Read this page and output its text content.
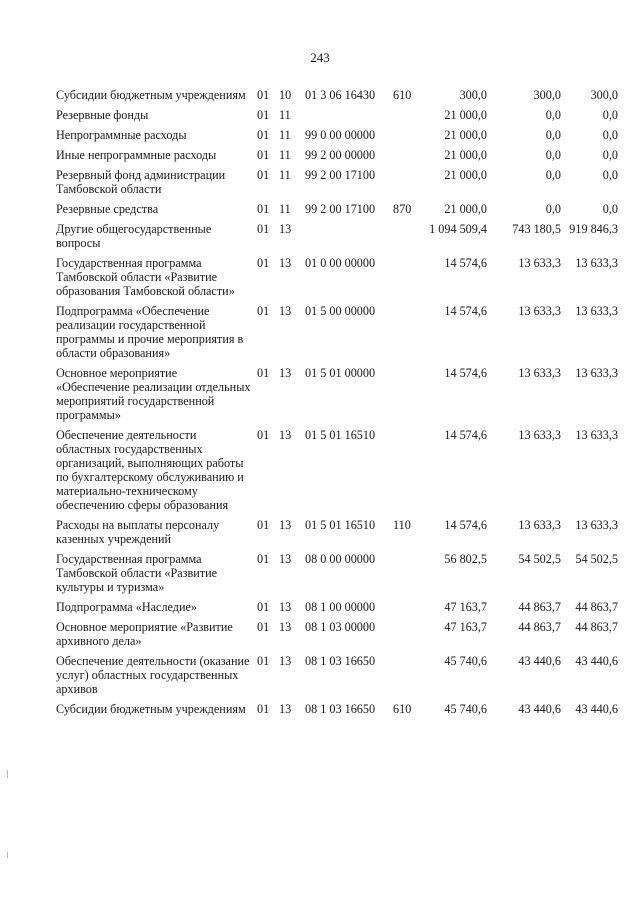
243
Субсидии бюджетным учреждениям	01	10	01 3 06 16430	610	300,0	300,0	300,0
Резервные фонды	01	11			21 000,0	0,0	0,0
Непрограммные расходы	01	11	99 0 00 00000		21 000,0	0,0	0,0
Иные непрограммные расходы	01	11	99 2 00 00000		21 000,0	0,0	0,0
Резервный фонд администрации Тамбовской области	01	11	99 2 00 17100		21 000,0	0,0	0,0
Резервные средства	01	11	99 2 00 17100	870	21 000,0	0,0	0,0
Другие общегосударственные вопросы	01	13			1 094 509,4	743 180,5	919 846,3
Государственная программа Тамбовской области «Развитие образования Тамбовской области»	01	13	01 0 00 00000		14 574,6	13 633,3	13 633,3
Подпрограмма «Обеспечение реализации государственной программы и прочие мероприятия в области образования»	01	13	01 5 00 00000		14 574,6	13 633,3	13 633,3
Основное мероприятие «Обеспечение реализации отдельных мероприятий государственной программы»	01	13	01 5 01 00000		14 574,6	13 633,3	13 633,3
Обеспечение деятельности областных государственных организаций, выполняющих работы по бухгалтерскому обслуживанию и материально-техническому обеспечению сферы образования	01	13	01 5 01 16510		14 574,6	13 633,3	13 633,3
Расходы на выплаты персоналу казенных учреждений	01	13	01 5 01 16510	110	14 574,6	13 633,3	13 633,3
Государственная программа Тамбовской области «Развитие культуры и туризма»	01	13	08 0 00 00000		56 802,5	54 502,5	54 502,5
Подпрограмма «Наследие»	01	13	08 1 00 00000		47 163,7	44 863,7	44 863,7
Основное мероприятие «Развитие архивного дела»	01	13	08 1 03 00000		47 163,7	44 863,7	44 863,7
Обеспечение деятельности (оказание услуг) областных государственных архивов	01	13	08 1 03 16650		45 740,6	43 440,6	43 440,6
Субсидии бюджетным учреждениям	01	13	08 1 03 16650	610	45 740,6	43 440,6	43 440,6
